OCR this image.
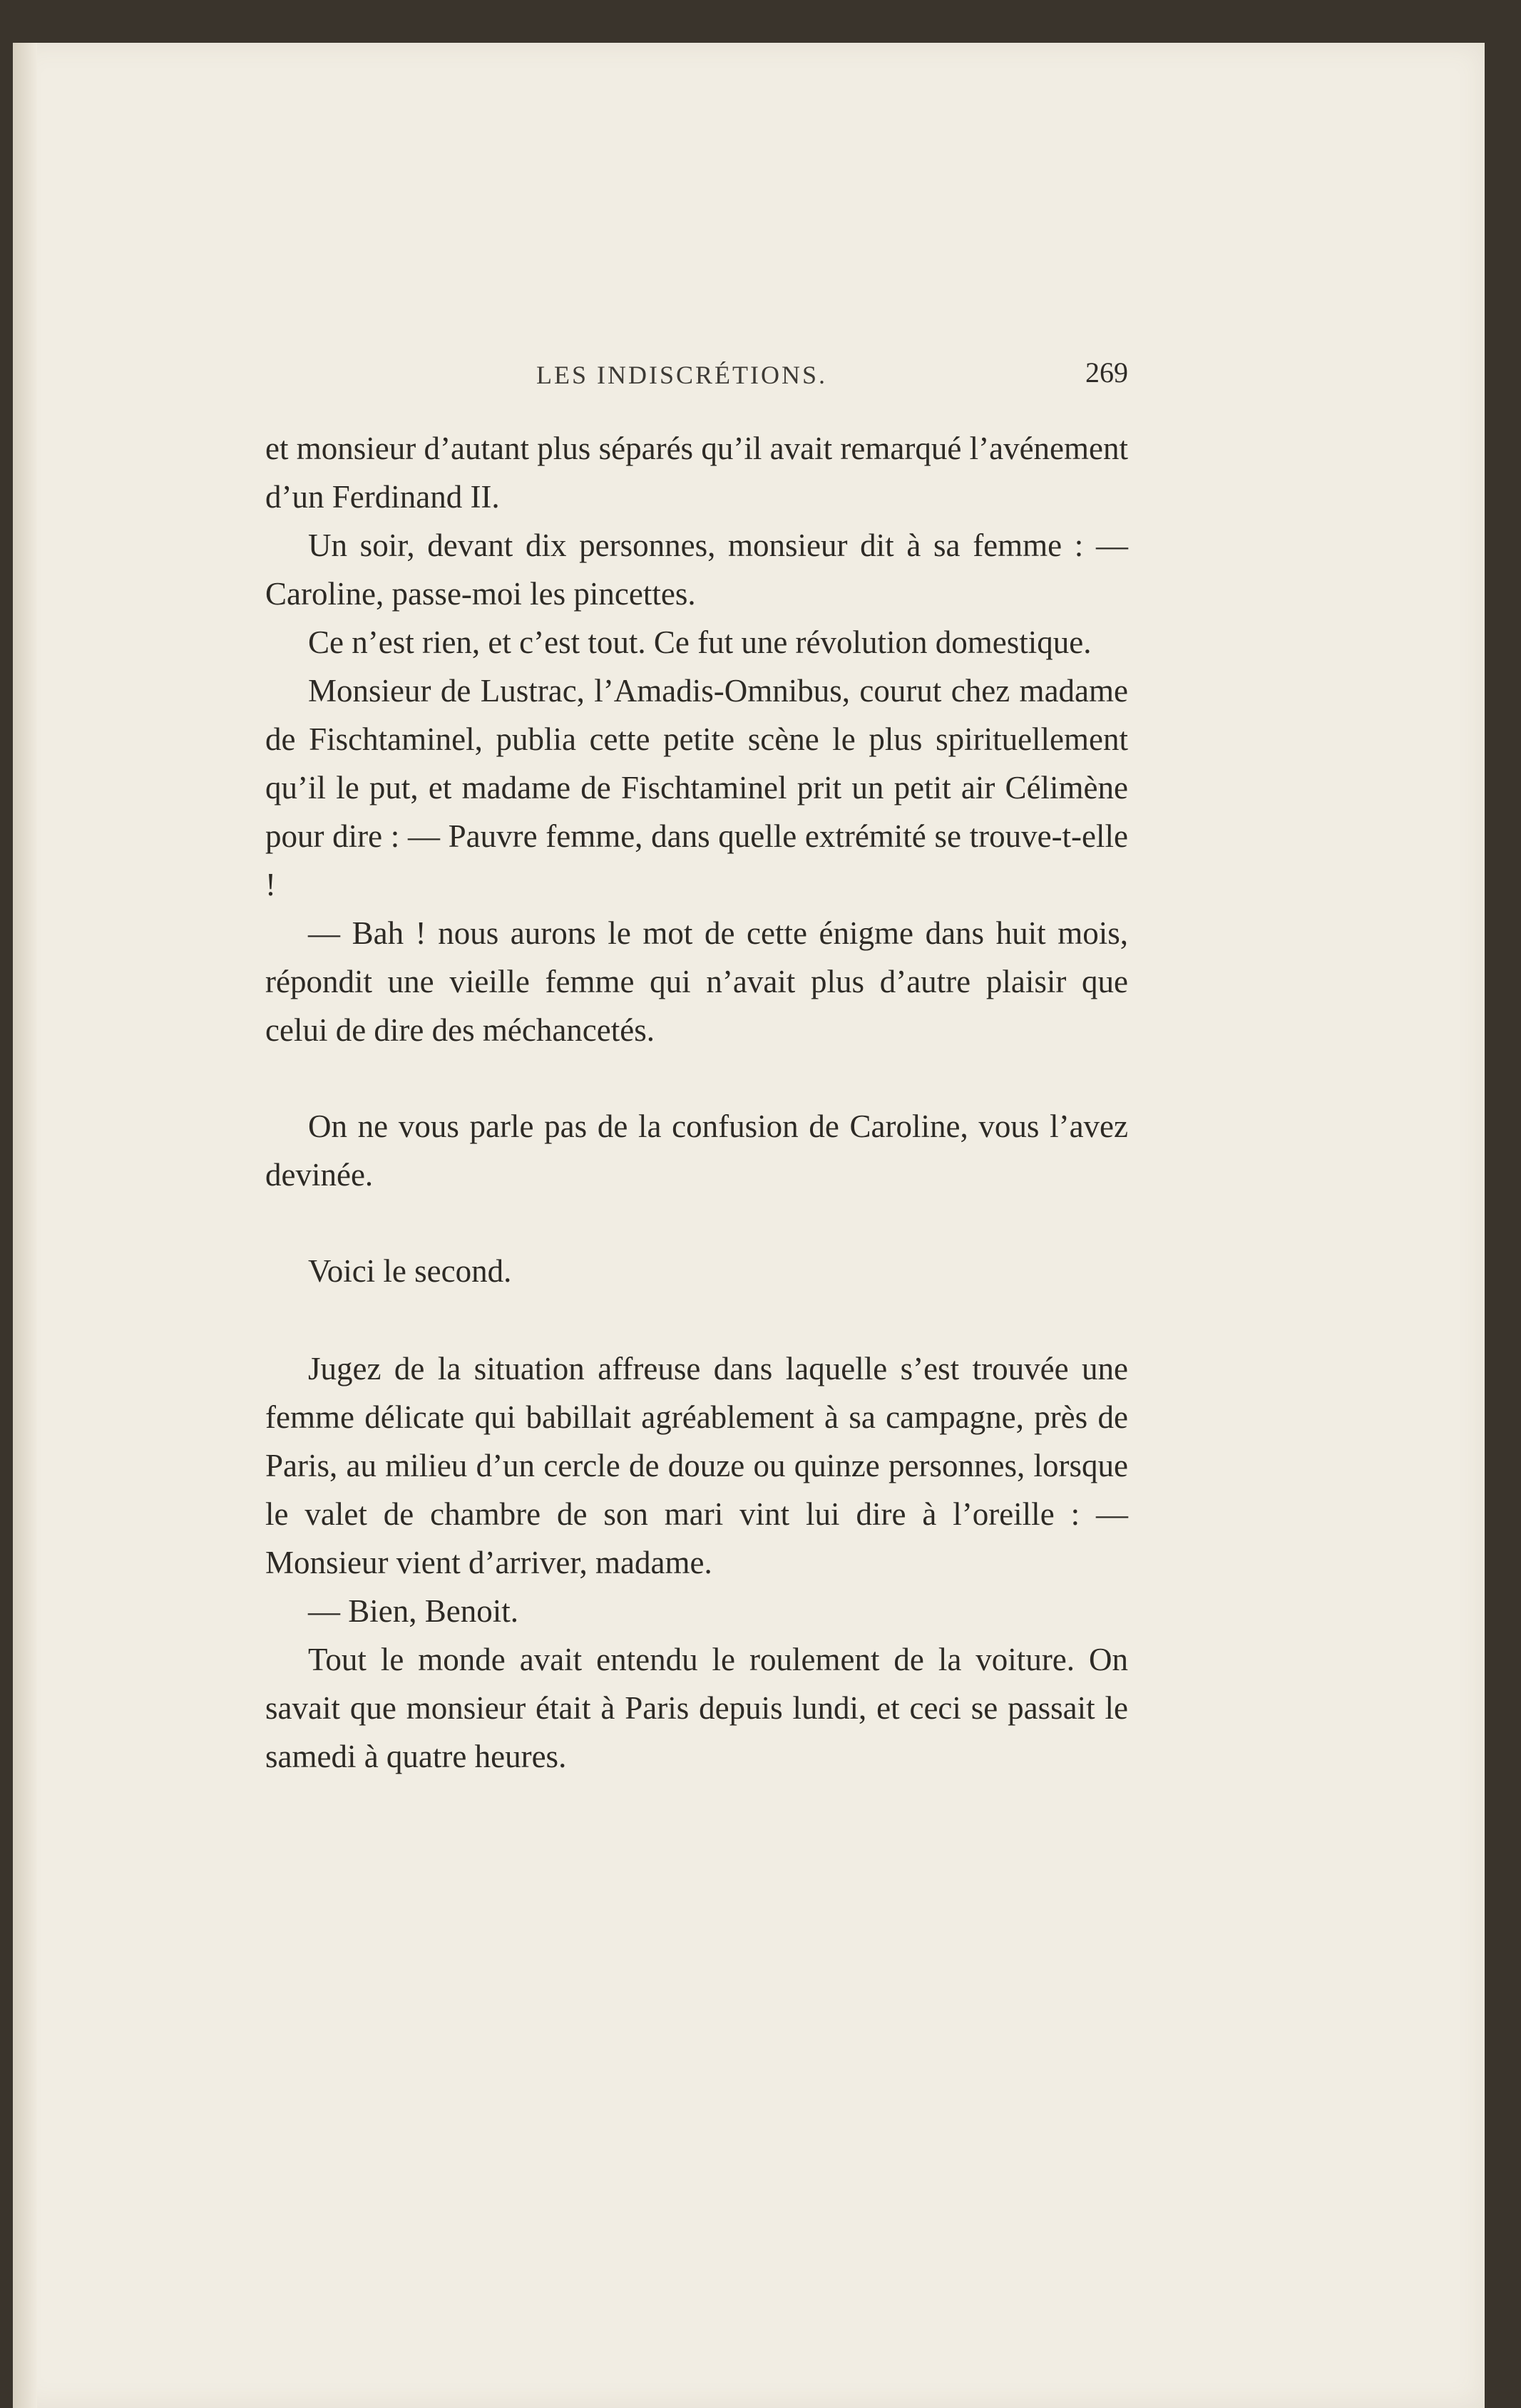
LES INDISCRÉTIONS.	269

et monsieur d’autant plus séparés qu’il avait remarqué l’avénement d’un Ferdinand II.

Un soir, devant dix personnes, monsieur dit à sa femme : — Caroline, passe-moi les pincettes.

Ce n’est rien, et c’est tout. Ce fut une révolution domestique.

Monsieur de Lustrac, l’Amadis-Omnibus, courut chez madame de Fischtaminel, publia cette petite scène le plus spirituellement qu’il le put, et madame de Fischtaminel prit un petit air Célimène pour dire : — Pauvre femme, dans quelle extrémité se trouve-t-elle !

— Bah ! nous aurons le mot de cette énigme dans huit mois, répondit une vieille femme qui n’avait plus d’autre plaisir que celui de dire des méchancetés.

On ne vous parle pas de la confusion de Caroline, vous l’avez devinée.

Voici le second.

Jugez de la situation affreuse dans laquelle s’est trouvée une femme délicate qui babillait agréablement à sa campagne, près de Paris, au milieu d’un cercle de douze ou quinze personnes, lorsque le valet de chambre de son mari vint lui dire à l’oreille : — Monsieur vient d’arriver, madame.

— Bien, Benoit.

Tout le monde avait entendu le roulement de la voiture. On savait que monsieur était à Paris depuis lundi, et ceci se passait le samedi à quatre heures.
